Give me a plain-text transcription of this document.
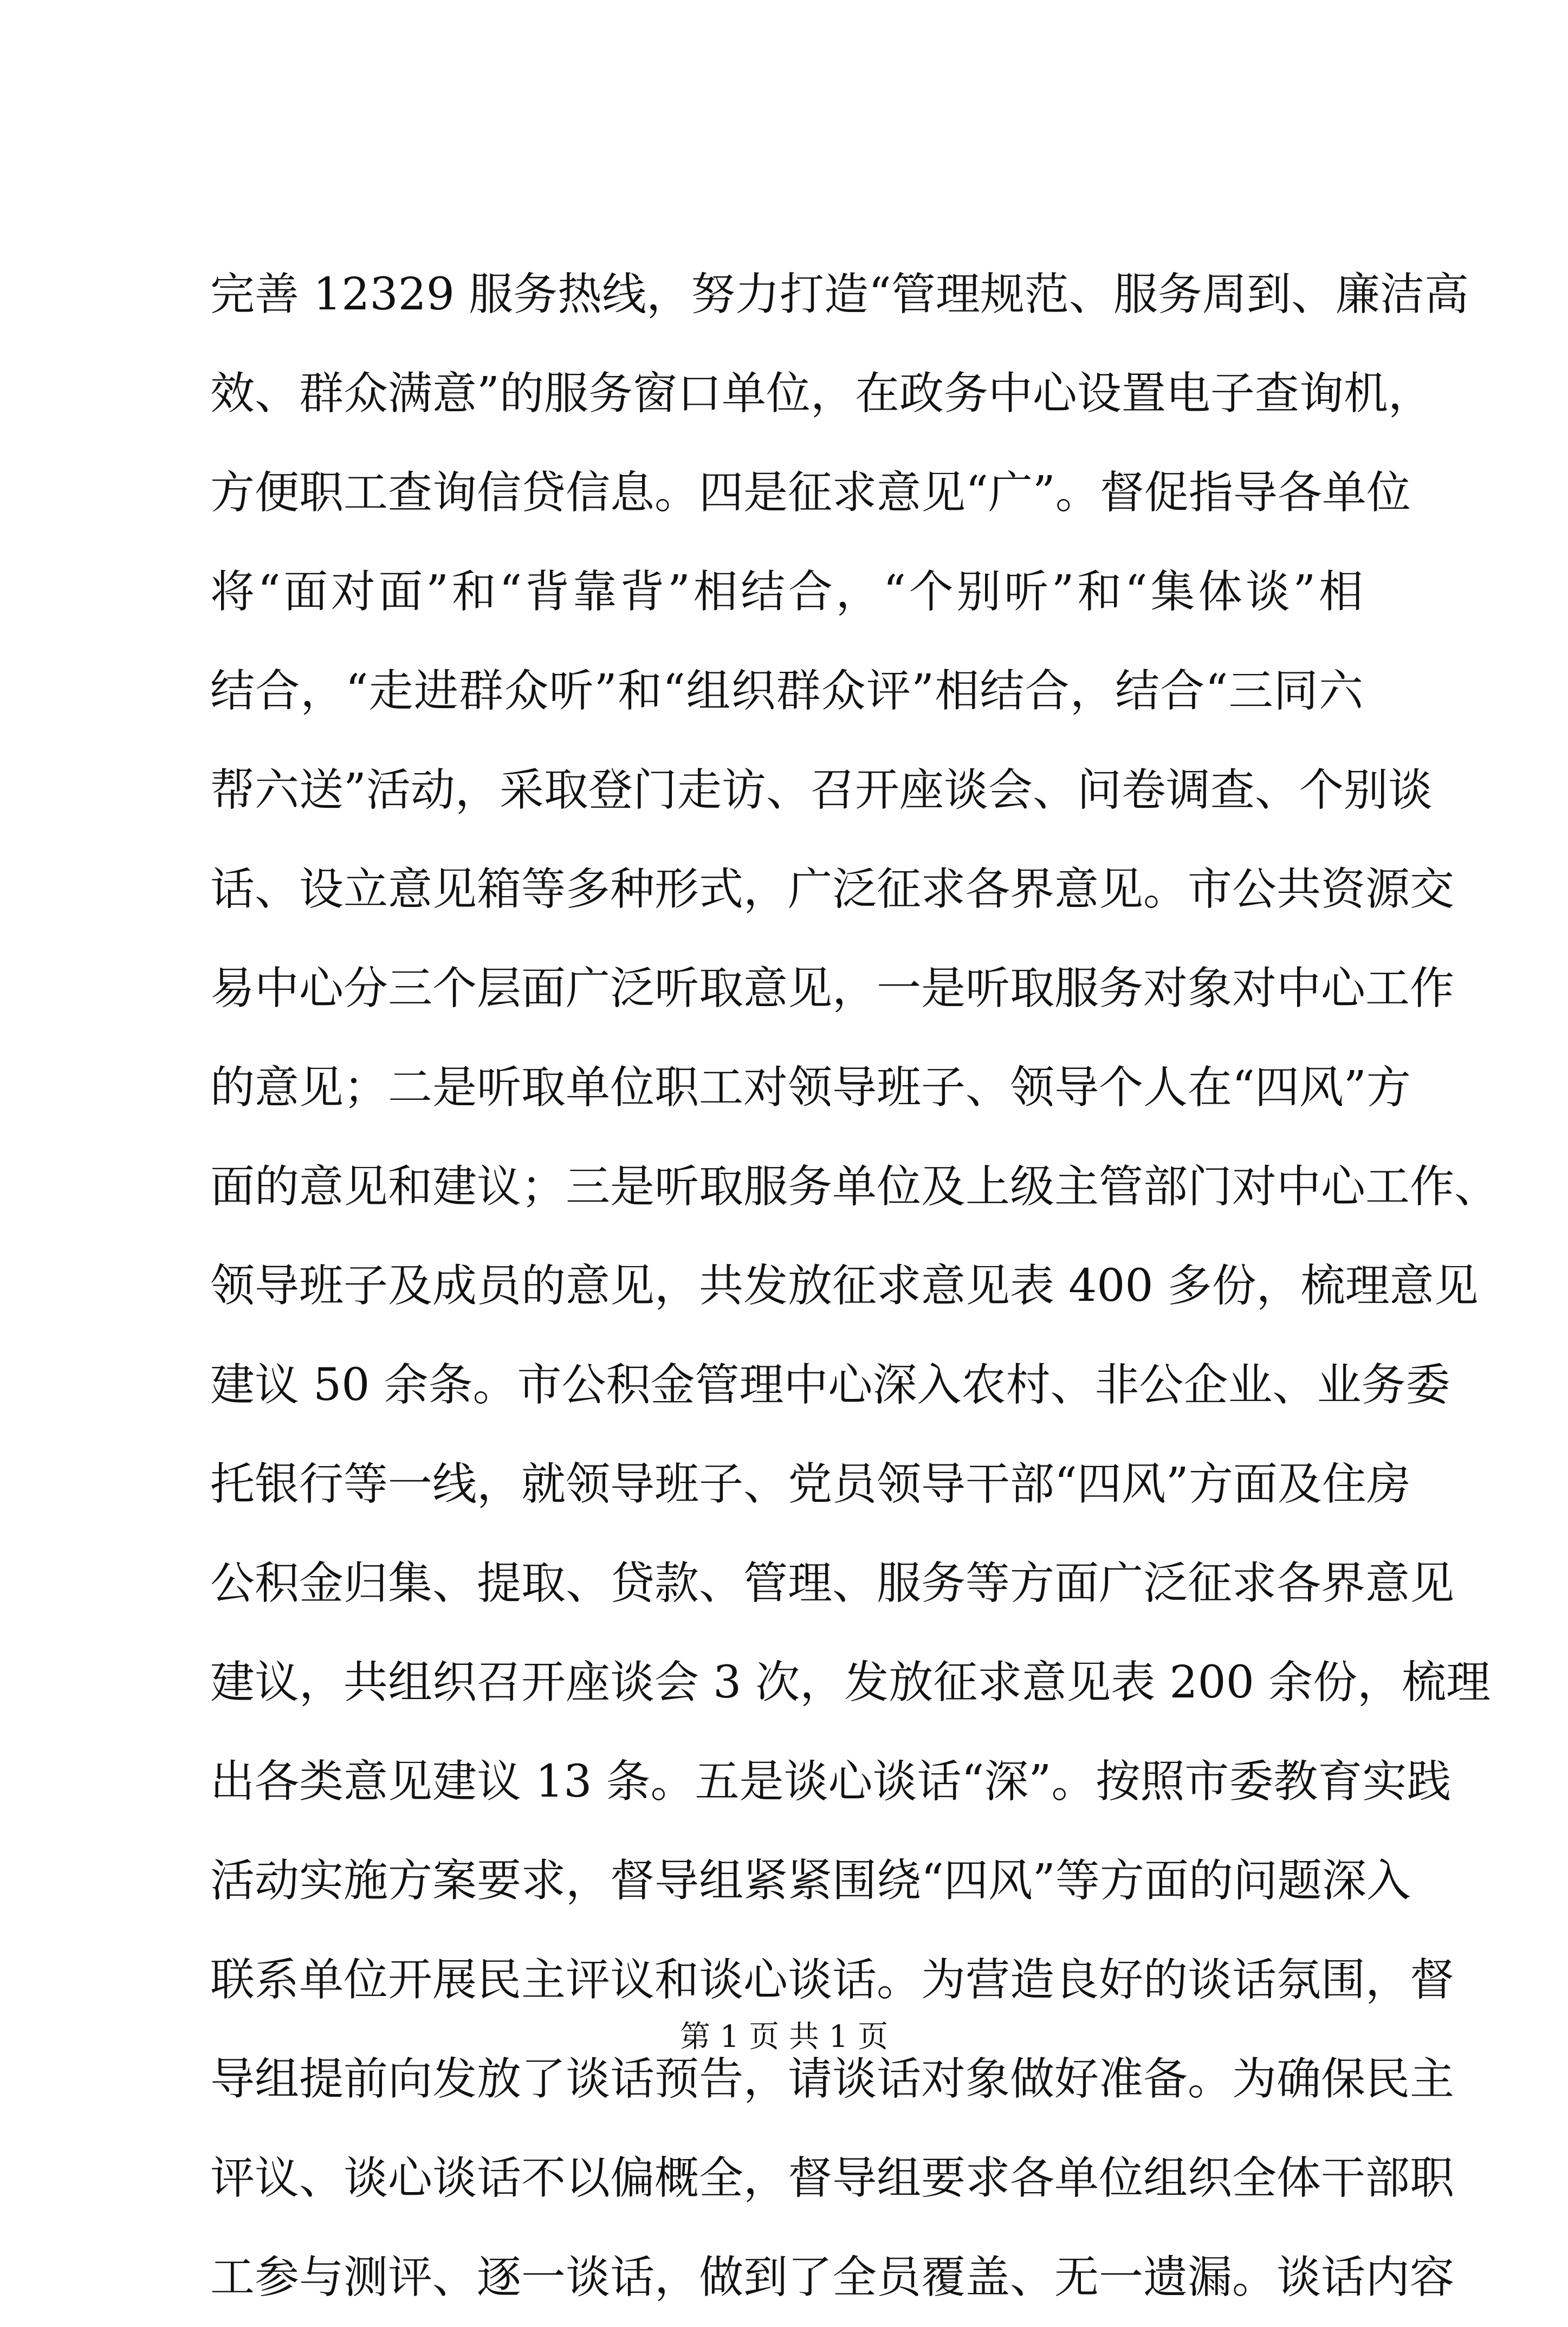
完善 12329 服务热线，努力打造“管理规范、服务周到、廉洁高
效、群众满意”的服务窗口单位，在政务中心设置电子查询机，
方便职工查询信贷信息。四是征求意见“广”。督促指导各单位
将“面对面”和“背靠背”相结合，“个别听”和“集体谈”相
结合，“走进群众听”和“组织群众评”相结合，结合“三同六
帮六送”活动，采取登门走访、召开座谈会、问卷调查、个别谈
话、设立意见箱等多种形式，广泛征求各界意见。市公共资源交
易中心分三个层面广泛听取意见，一是听取服务对象对中心工作
的意见；二是听取单位职工对领导班子、领导个人在“四风”方
面的意见和建议；三是听取服务单位及上级主管部门对中心工作、
领导班子及成员的意见，共发放征求意见表 400 多份，梳理意见
建议 50 余条。市公积金管理中心深入农村、非公企业、业务委
托银行等一线，就领导班子、党员领导干部“四风”方面及住房
公积金归集、提取、贷款、管理、服务等方面广泛征求各界意见
建议，共组织召开座谈会 3 次，发放征求意见表 200 余份，梳理
出各类意见建议 13 条。五是谈心谈话“深”。按照市委教育实践
活动实施方案要求，督导组紧紧围绕“四风”等方面的问题深入
联系单位开展民主评议和谈心谈话。为营造良好的谈话氛围，督
导组提前向发放了谈话预告，请谈话对象做好准备。为确保民主
评议、谈心谈话不以偏概全，督导组要求各单位组织全体干部职
工参与测评、逐一谈话，做到了全员覆盖、无一遗漏。谈话内容
第 1 页 共 1 页
